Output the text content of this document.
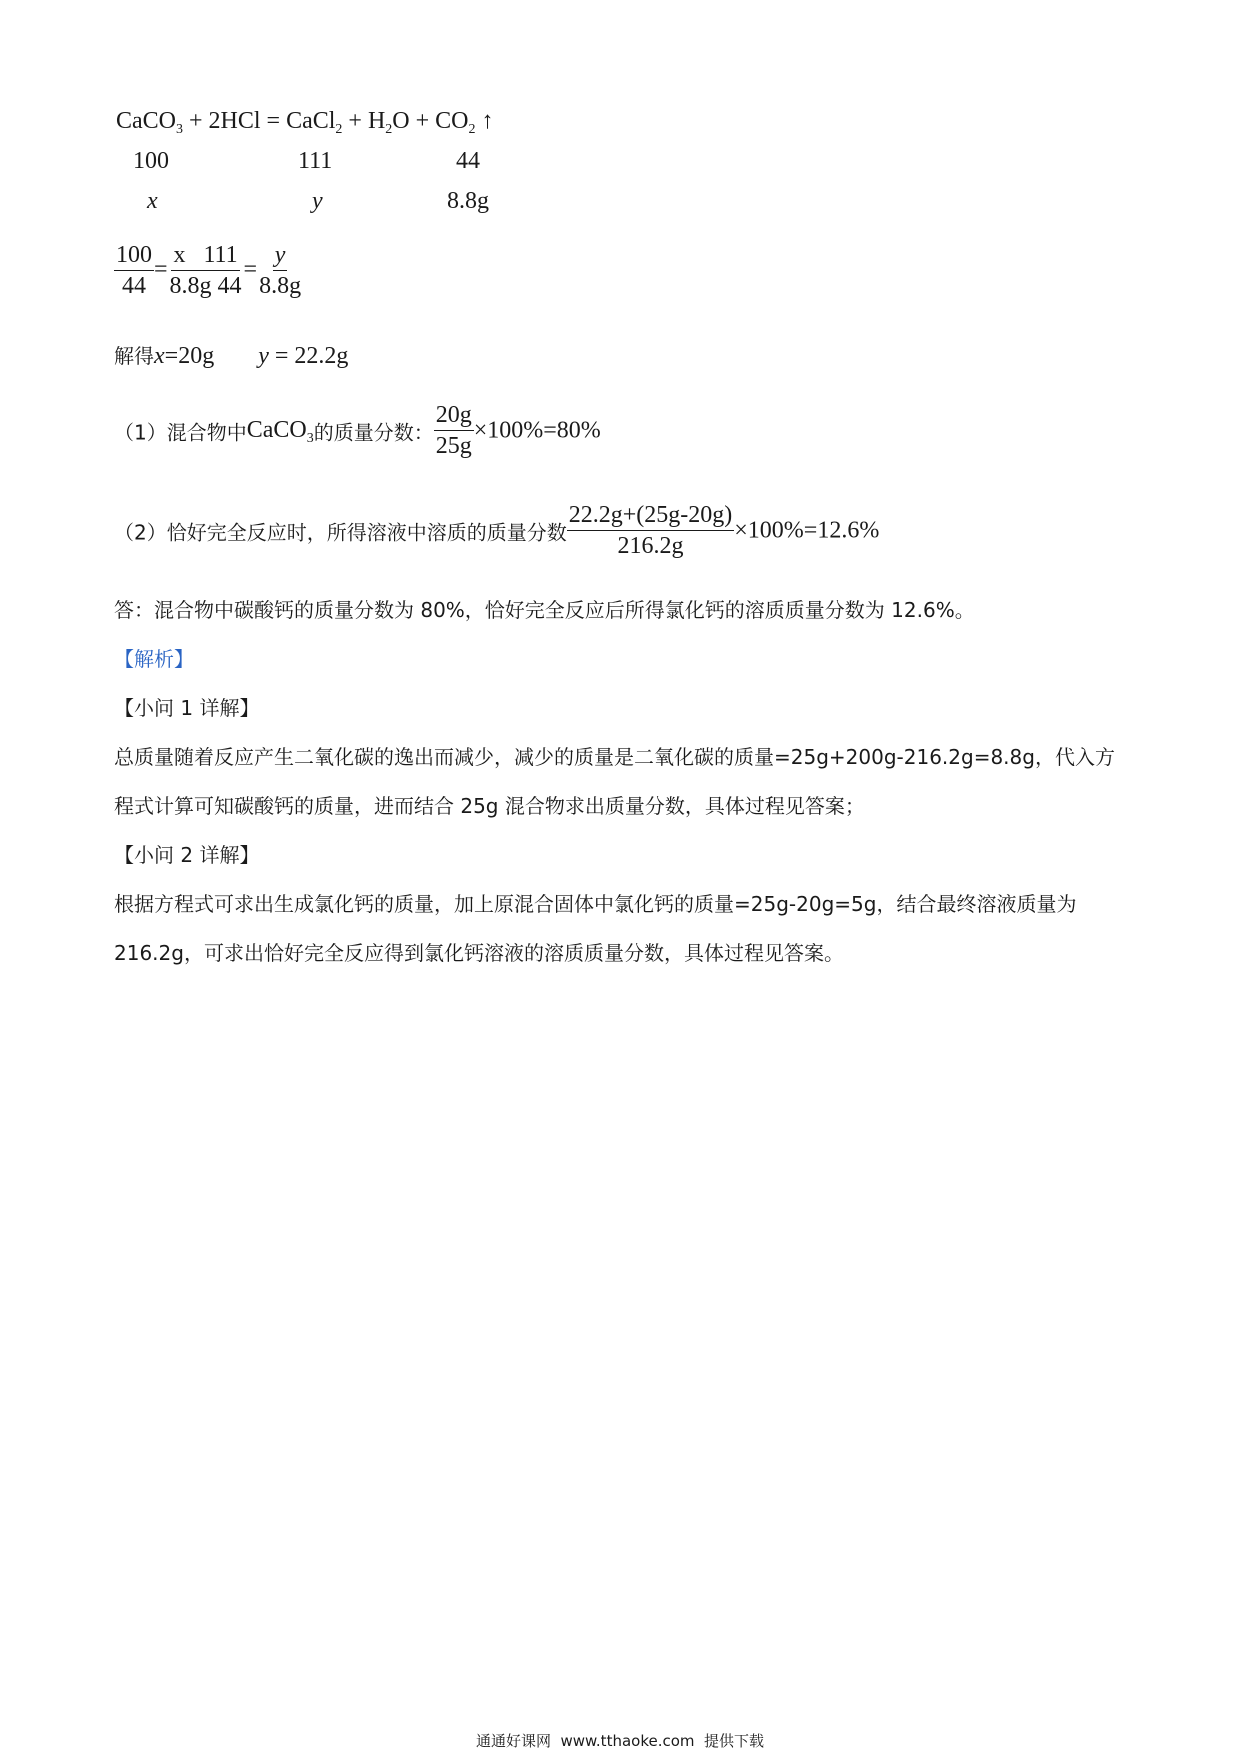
CaCO$_3$ + 2HCl = CaCl$_2$ + $H_2O + CO_2$ ↑
100	111	44
x	y	8.8g
$\frac{100}{44} = \frac{x 111}{8.8g 44} = \frac{y}{8.8g}$
解得x=20g y = 22.2g
（1）混合物中CaCO$_3$的质量分数： $\frac{20g}{25g} \times 100\%=80\%$
（2）恰好完全反应时，所得溶液中溶质的质量分数 $\frac{22.2g+(25g-20g)}{216.2g} \times 100\%=12.6\%$
答：混合物中碳酸钙的质量分数为 80%，恰好完全反应后所得氯化钙的溶质质量分数为 12.6%。
【解析】
【小问 1 详解】
总质量随着反应产生二氧化碳的逸出而减少，减少的质量是二氧化碳的质量=25g+200g-216.2g=8.8g，代入方程式计算可知碳酸钙的质量，进而结合 25g 混合物求出质量分数，具体过程见答案；
【小问 2 详解】
根据方程式可求出生成氯化钙的质量，加上原混合固体中氯化钙的质量=25g-20g=5g，结合最终溶液质量为 216.2g，可求出恰好完全反应得到氯化钙溶液的溶质质量分数，具体过程见答案。
通通好课网  www.tthaoke.com  提供下载
